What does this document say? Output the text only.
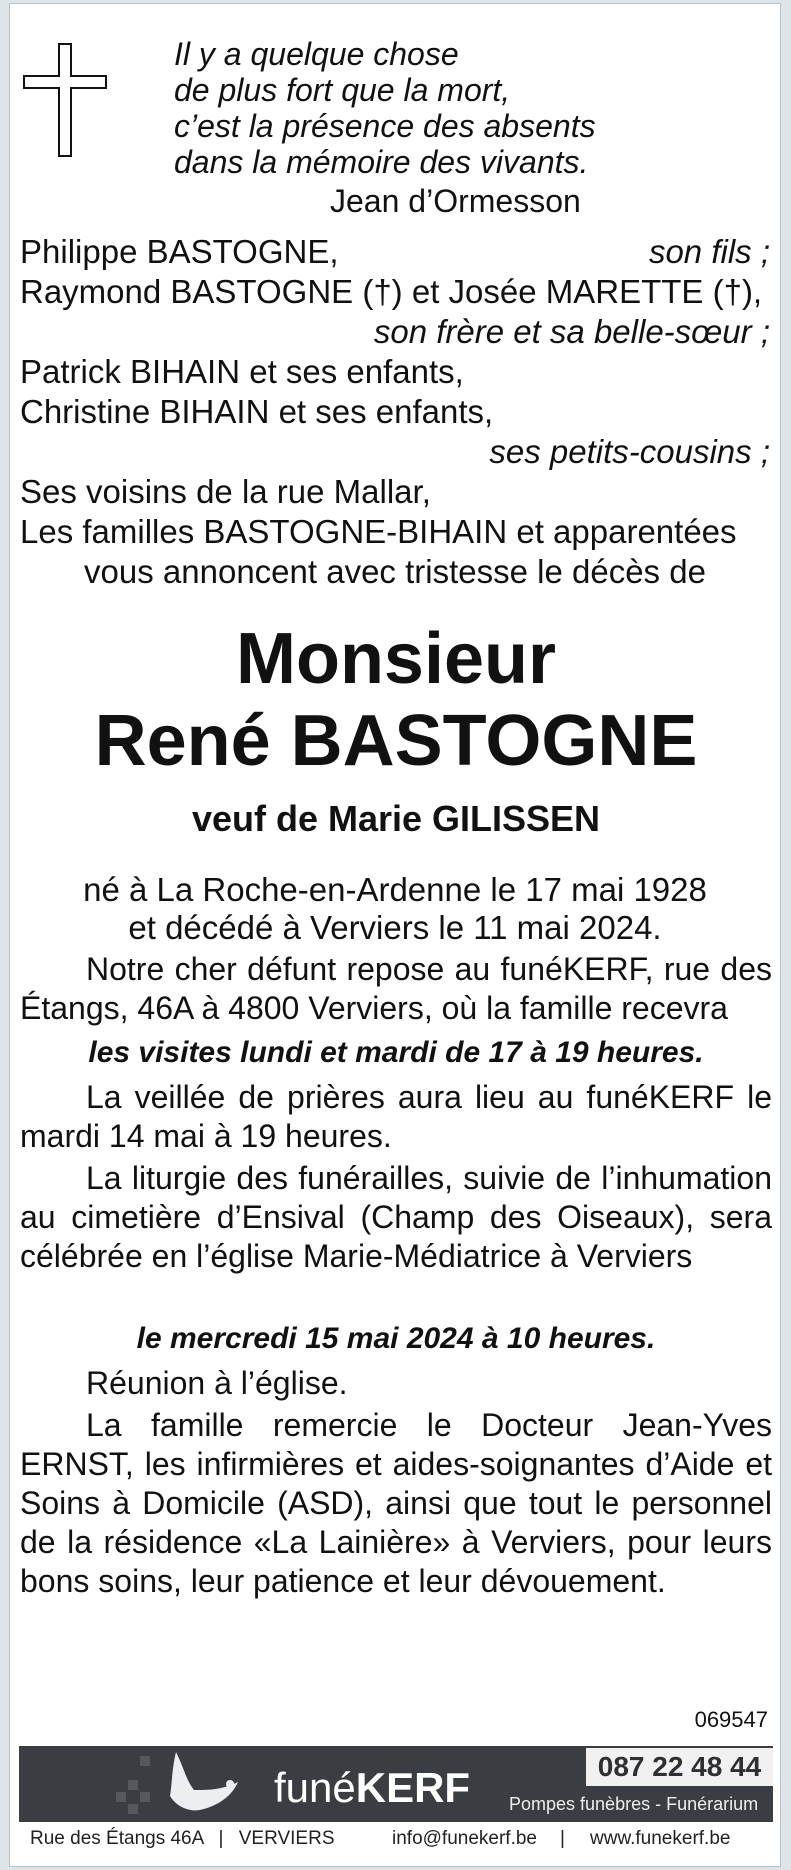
Il y a quelque chose
de plus fort que la mort,
c’est la présence des absents
dans la mémoire des vivants.
Jean d’Ormesson
Philippe BASTOGNE,	son fils ;
Raymond BASTOGNE (†) et Josée MARETTE (†),
son frère et sa belle-sœur ;
Patrick BIHAIN et ses enfants,
Christine BIHAIN et ses enfants,
ses petits-cousins ;
Ses voisins de la rue Mallar,
Les familles BASTOGNE-BIHAIN et apparentées
vous annoncent avec tristesse le décès de
Monsieur
René BASTOGNE
veuf de Marie GILISSEN
né à La Roche-en-Ardenne le 17 mai 1928
et décédé à Verviers le 11 mai 2024.
Notre cher défunt repose au funéKERF, rue des Étangs, 46A à 4800 Verviers, où la famille recevra
les visites lundi et mardi de 17 à 19 heures.
La veillée de prières aura lieu au funéKERF le mardi 14 mai à 19 heures.
La liturgie des funérailles, suivie de l’inhumation au cimetière d’Ensival (Champ des Oiseaux), sera célébrée en l’église Marie-Médiatrice à Verviers
le mercredi 15 mai 2024 à 10 heures.
Réunion à l’église.
La famille remercie le Docteur Jean-Yves ERNST, les infirmières et aides-soignantes d’Aide et Soins à Domicile (ASD), ainsi que tout le personnel de la résidence «La Lainière» à Verviers, pour leurs bons soins, leur patience et leur dévouement.
069547
funéKERF	087 22 48 44
Pompes funèbres - Funérarium
Rue des Étangs 46A | VERVIERS	info@funekerf.be | www.funekerf.be
